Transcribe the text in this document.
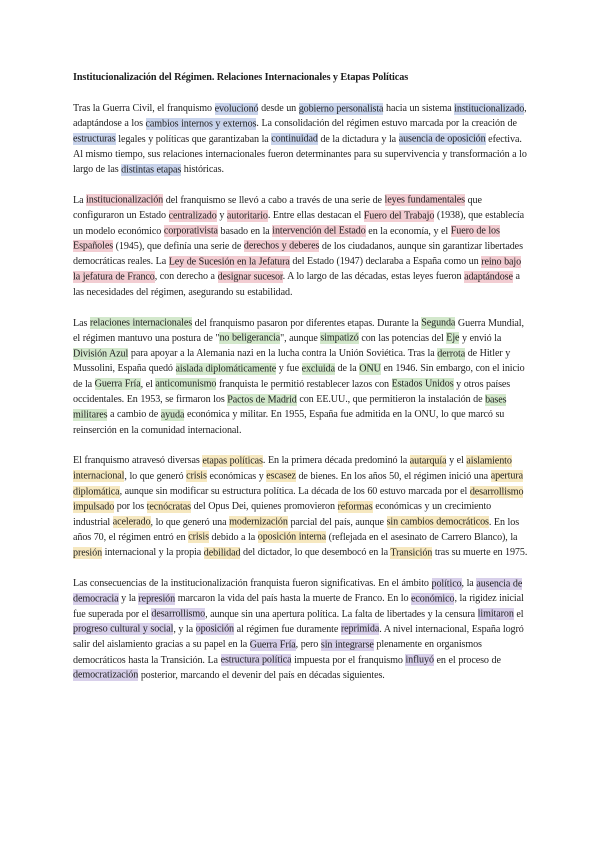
Institucionalización del Régimen. Relaciones Internacionales y Etapas Políticas

Tras la Guerra Civil, el franquismo evolucionó desde un gobierno personalista hacia un sistema institucionalizado, adaptándose a los cambios internos y externos. La consolidación del régimen estuvo marcada por la creación de estructuras legales y políticas que garantizaban la continuidad de la dictadura y la ausencia de oposición efectiva. Al mismo tiempo, sus relaciones internacionales fueron determinantes para su supervivencia y transformación a lo largo de las distintas etapas históricas.

La institucionalización del franquismo se llevó a cabo a través de una serie de leyes fundamentales que configuraron un Estado centralizado y autoritario. Entre ellas destacan el Fuero del Trabajo (1938), que establecía un modelo económico corporativista basado en la intervención del Estado en la economía, y el Fuero de los Españoles (1945), que definía una serie de derechos y deberes de los ciudadanos, aunque sin garantizar libertades democráticas reales. La Ley de Sucesión en la Jefatura del Estado (1947) declaraba a España como un reino bajo la jefatura de Franco, con derecho a designar sucesor. A lo largo de las décadas, estas leyes fueron adaptándose a las necesidades del régimen, asegurando su estabilidad.

Las relaciones internacionales del franquismo pasaron por diferentes etapas. Durante la Segunda Guerra Mundial, el régimen mantuvo una postura de "no beligerancia", aunque simpatizó con las potencias del Eje y envió la División Azul para apoyar a la Alemania nazi en la lucha contra la Unión Soviética. Tras la derrota de Hitler y Mussolini, España quedó aislada diplomáticamente y fue excluida de la ONU en 1946. Sin embargo, con el inicio de la Guerra Fría, el anticomunismo franquista le permitió restablecer lazos con Estados Unidos y otros países occidentales. En 1953, se firmaron los Pactos de Madrid con EE.UU., que permitieron la instalación de bases militares a cambio de ayuda económica y militar. En 1955, España fue admitida en la ONU, lo que marcó su reinserción en la comunidad internacional.

El franquismo atravesó diversas etapas políticas. En la primera década predominó la autarquía y el aislamiento internacional, lo que generó crisis económicas y escasez de bienes. En los años 50, el régimen inició una apertura diplomática, aunque sin modificar su estructura política. La década de los 60 estuvo marcada por el desarrollismo impulsado por los tecnócratas del Opus Dei, quienes promovieron reformas económicas y un crecimiento industrial acelerado, lo que generó una modernización parcial del país, aunque sin cambios democráticos. En los años 70, el régimen entró en crisis debido a la oposición interna (reflejada en el asesinato de Carrero Blanco), la presión internacional y la propia debilidad del dictador, lo que desembocó en la Transición tras su muerte en 1975.

Las consecuencias de la institucionalización franquista fueron significativas. En el ámbito político, la ausencia de democracia y la represión marcaron la vida del país hasta la muerte de Franco. En lo económico, la rigidez inicial fue superada por el desarrollismo, aunque sin una apertura política. La falta de libertades y la censura limitaron el progreso cultural y social, y la oposición al régimen fue duramente reprimida. A nivel internacional, España logró salir del aislamiento gracias a su papel en la Guerra Fría, pero sin integrarse plenamente en organismos democráticos hasta la Transición. La estructura política impuesta por el franquismo influyó en el proceso de democratización posterior, marcando el devenir del país en décadas siguientes.
